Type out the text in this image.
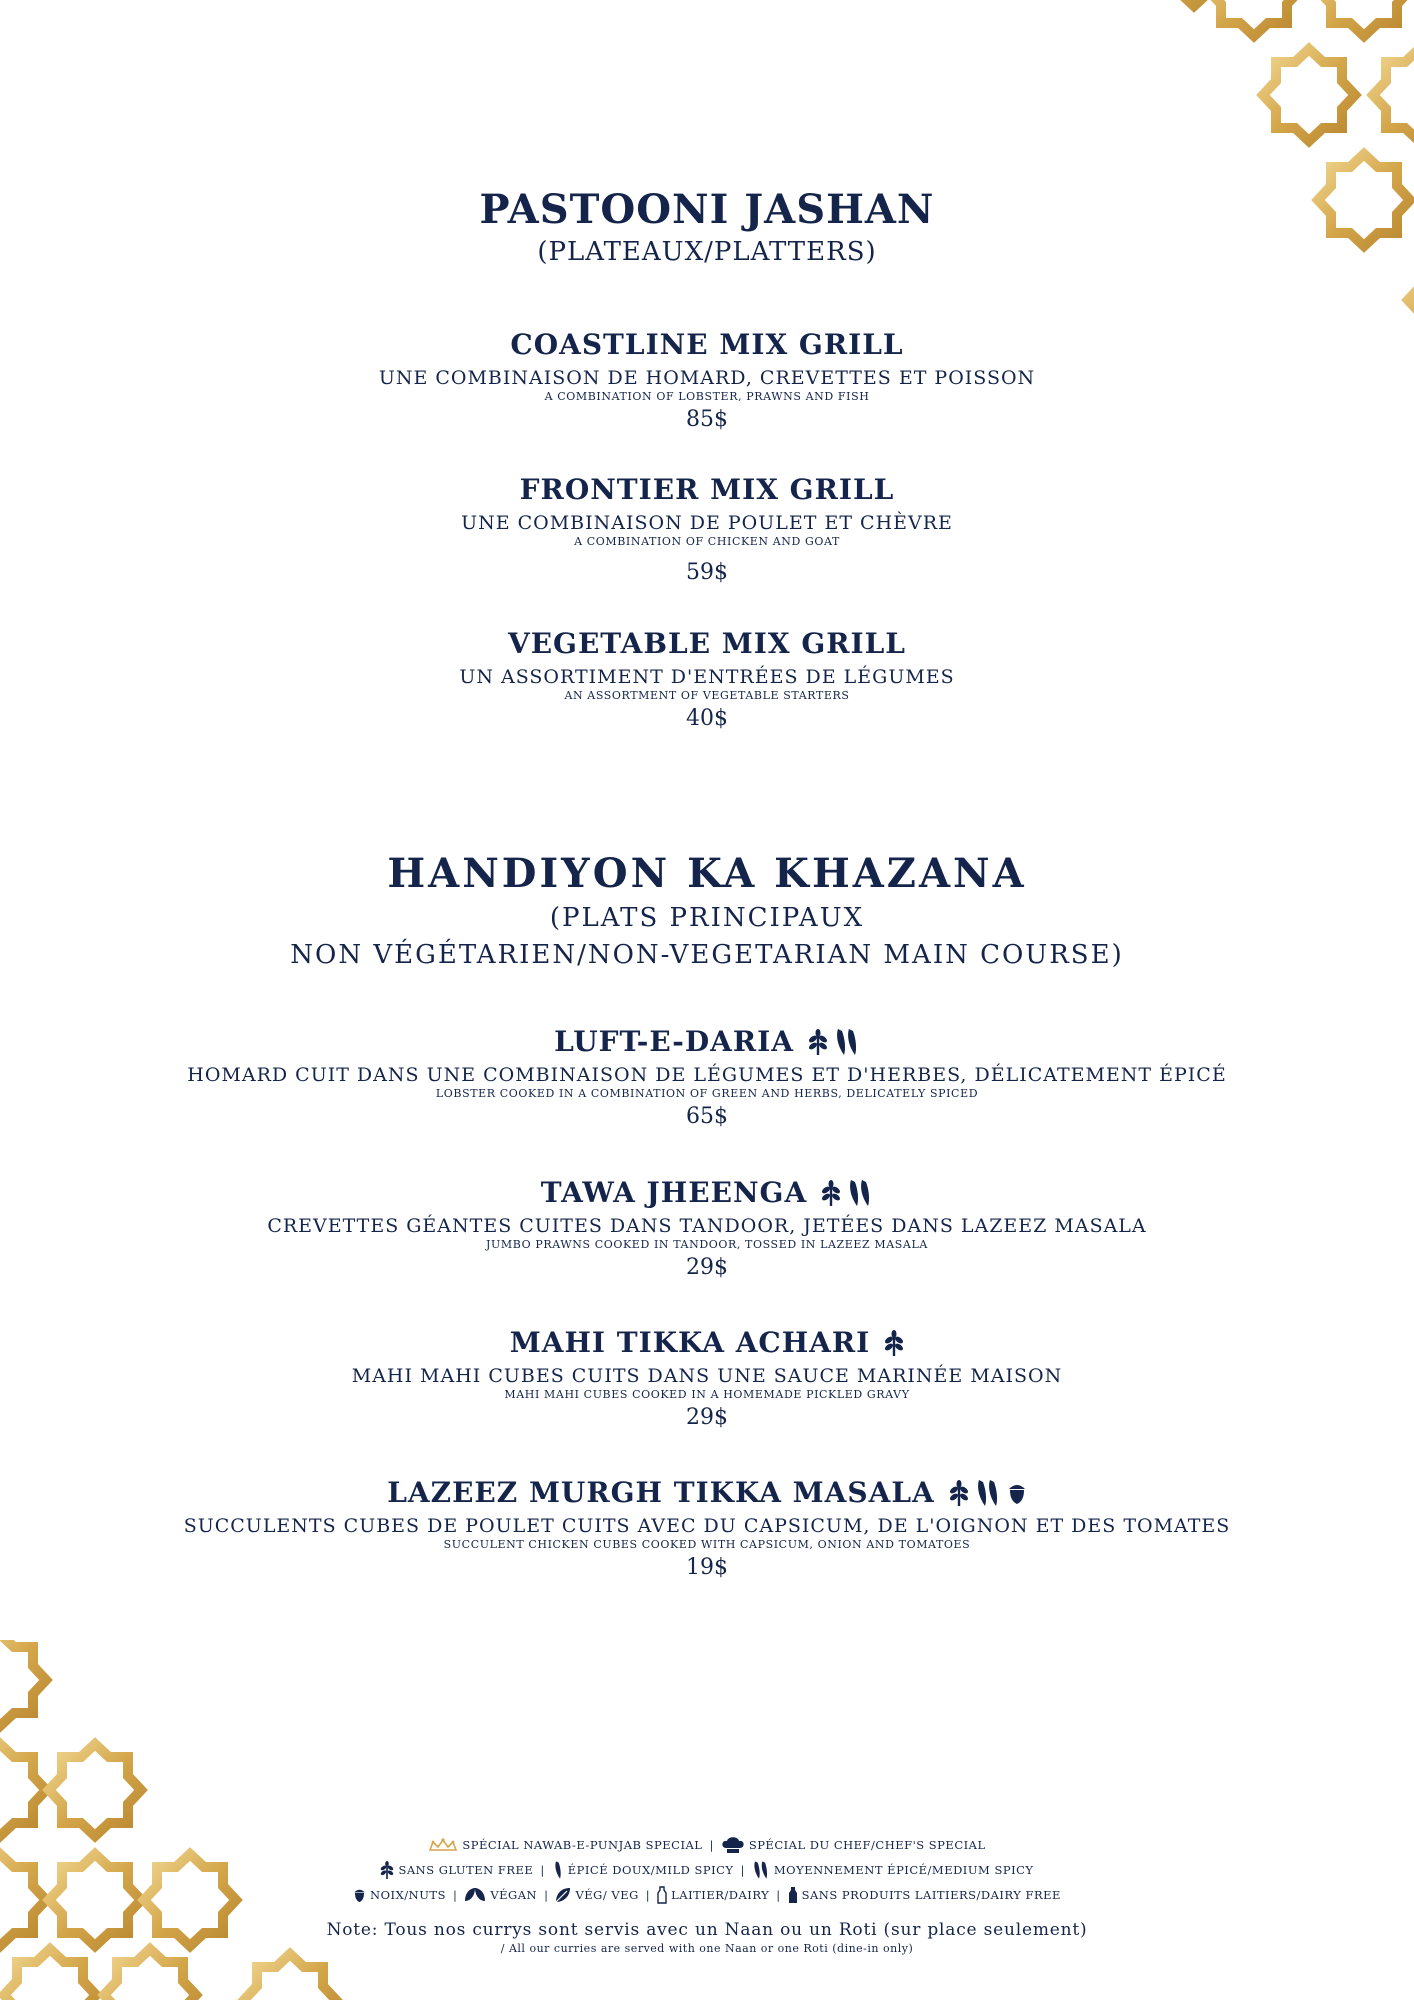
PASTOONI JASHAN

(PLATEAUX/PLATTERS)

COASTLINE MIX GRILL
UNE COMBINAISON DE HOMARD, CREVETTES ET POISSON
A COMBINATION OF LOBSTER, PRAWNS AND FISH
85$
FRONTIER MIX GRILL
UNE COMBINAISON DE POULET ET CHÈVRE
A COMBINATION OF CHICKEN AND GOAT
59$
VEGETABLE MIX GRILL
UN ASSORTIMENT D'ENTRÉES DE LÉGUMES
AN ASSORTMENT OF VEGETABLE STARTERS
40$

HANDIYON KA KHAZANA

(PLATS PRINCIPAUX

NON VÉGÉTARIEN/NON-VEGETARIAN MAIN COURSE)

LUFT-E-DARIA
HOMARD CUIT DANS UNE COMBINAISON DE LÉGUMES ET D'HERBES, DÉLICATEMENT ÉPICÉ
LOBSTER COOKED IN A COMBINATION OF GREEN AND HERBS, DELICATELY SPICED
65$
TAWA JHEENGA
CREVETTES GÉANTES CUITES DANS TANDOOR, JETÉES DANS LAZEEZ MASALA
JUMBO PRAWNS COOKED IN TANDOOR, TOSSED IN LAZEEZ MASALA
29$
MAHI TIKKA ACHARI
MAHI MAHI CUBES CUITS DANS UNE SAUCE MARINÉE MAISON
MAHI MAHI CUBES COOKED IN A HOMEMADE PICKLED GRAVY
29$
LAZEEZ MURGH TIKKA MASALA
SUCCULENTS CUBES DE POULET CUITS AVEC DU CAPSICUM, DE L'OIGNON ET DES TOMATES
SUCCULENT CHICKEN CUBES COOKED WITH CAPSICUM, ONION AND TOMATOES
19$
SPÉCIAL NAWAB-E-PUNJAB SPECIAL |	SPÉCIAL DU CHEF/CHEF'S SPECIAL
SANS GLUTEN FREE | ÉPICÉ DOUX/MILD SPICY |	MOYENNEMENT ÉPICÉ/MEDIUM SPICY
NOIX/NUTS |	VÉGAN | VÉG/ VEG | LAITIER/DAIRY | SANS PRODUITS LAITIERS/DAIRY FREE
Note: Tous nos currys sont servis avec un Naan ou un Roti (sur place seulement)
/ All our curries are served with one Naan or one Roti (dine-in only)
